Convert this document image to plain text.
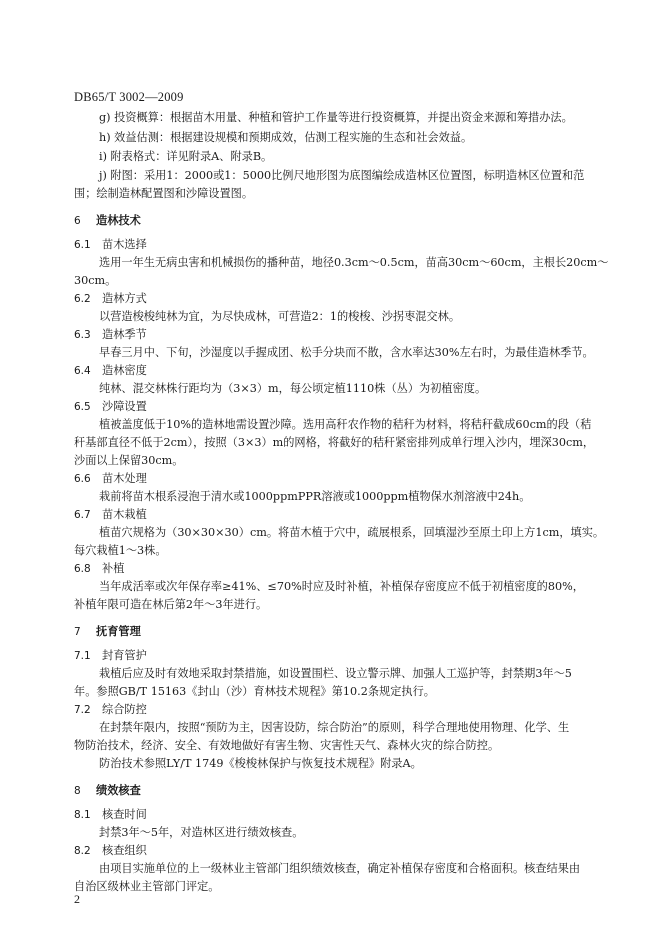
DB65/T 3002—2009
g) 投资概算：根据苗木用量、种植和管护工作量等进行投资概算，并提出资金来源和筹措办法。
h) 效益估测：根据建设规模和预期成效，估测工程实施的生态和社会效益。
i) 附表格式：详见附录A、附录B。
j) 附图：采用1：2000或1：5000比例尺地形图为底图编绘成造林区位置图，标明造林区位置和范
围；绘制造林配置图和沙障设置图。
6 造林技术
6.1 苗木选择
选用一年生无病虫害和机械损伤的播种苗，地径0.3cm～0.5cm，苗高30cm～60cm，主根长20cm～
30cm。
6.2 造林方式
以营造梭梭纯林为宜，为尽快成林，可营造2：1的梭梭、沙拐枣混交林。
6.3 造林季节
早春三月中、下旬，沙湿度以手握成团、松手分块而不散，含水率达30%左右时，为最佳造林季节。
6.4 造林密度
纯林、混交林株行距均为（3×3）m，每公顷定植1110株（丛）为初植密度。
6.5 沙障设置
植被盖度低于10%的造林地需设置沙障。选用高秆农作物的秸秆为材料，将秸秆截成60cm的段（秸
秆基部直径不低于2cm），按照（3×3）m的网格，将截好的秸秆紧密排列成单行埋入沙内，埋深30cm，
沙面以上保留30cm。
6.6 苗木处理
栽前将苗木根系浸泡于清水或1000ppmPPR溶液或1000ppm植物保水剂溶液中24h。
6.7 苗木栽植
植苗穴规格为（30×30×30）cm。将苗木植于穴中，疏展根系，回填湿沙至原土印上方1cm，填实。
每穴栽植1～3株。
6.8 补植
当年成活率或次年保存率≥41%、≤70%时应及时补植，补植保存密度应不低于初植密度的80%，
补植年限可造在林后第2年～3年进行。
7 抚育管理
7.1 封育管护
栽植后应及时有效地采取封禁措施，如设置围栏、设立警示牌、加强人工巡护等，封禁期3年～5
年。参照GB/T 15163《封山（沙）育林技术规程》第10.2条规定执行。
7.2 综合防控
在封禁年限内，按照“预防为主，因害设防，综合防治”的原则，科学合理地使用物理、化学、生
物防治技术，经济、安全、有效地做好有害生物、灾害性天气、森林火灾的综合防控。
防治技术参照LY/T 1749《梭梭林保护与恢复技术规程》附录A。
8 绩效核查
8.1 核查时间
封禁3年～5年，对造林区进行绩效核查。
8.2 核查组织
由项目实施单位的上一级林业主管部门组织绩效核查，确定补植保存密度和合格面积。核查结果由
自治区级林业主管部门评定。
2
